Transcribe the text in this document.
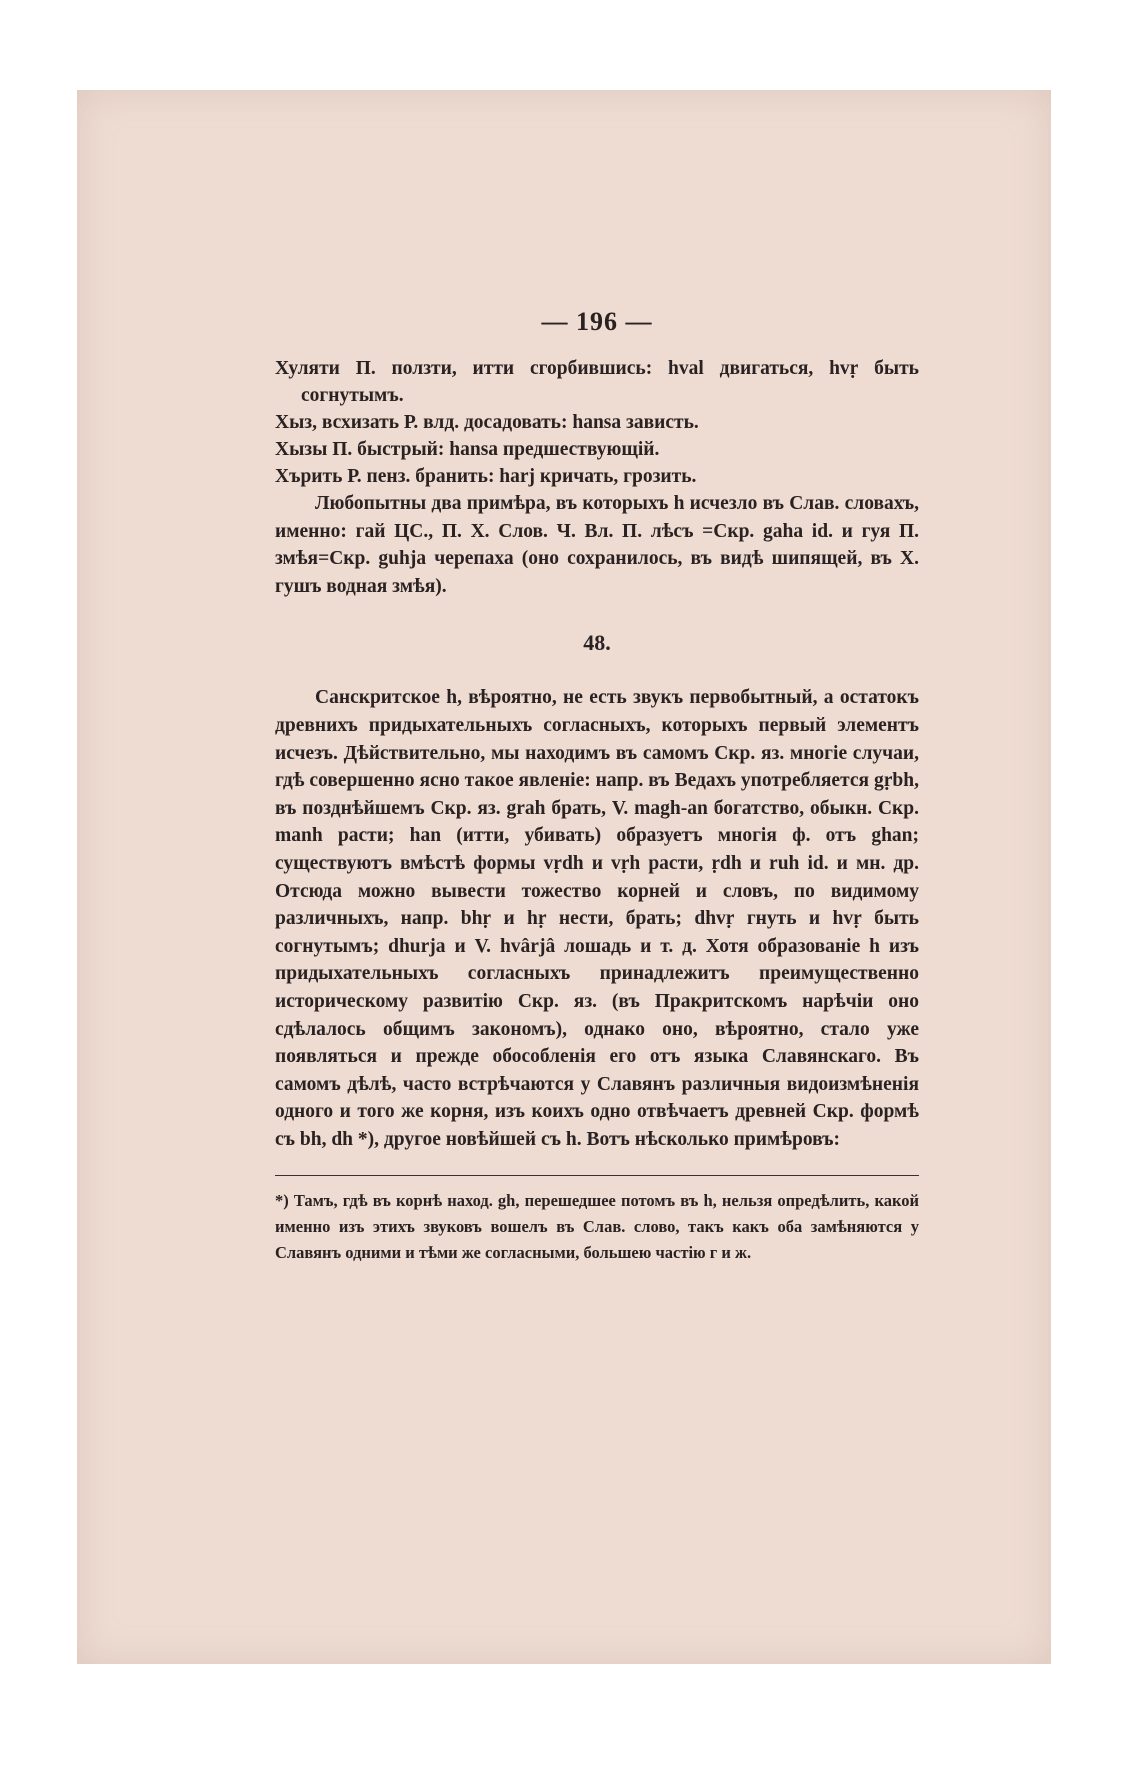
— 196 —

Хуляти П. ползти, итти сгорбившись: hval двигаться, hvṛ быть согнутымъ.

Хыз, всхизать Р. влд. досадовать: hansa зависть.

Хызы П. быстрый: hansa предшествующій.

Хърить Р. пенз. бранить: harj кричать, грозить.

Любопытны два примѣра, въ которыхъ h исчезло въ Слав. словахъ, именно: гай ЦС., П. Х. Слов. Ч. Вл. П. лѣсъ =Скр. gaha id. и гуя П. змѣя=Скр. guhja черепаха (оно сохранилось, въ видѣ шипящей, въ Х. гушъ водная змѣя).

48.

Санскритское h, вѣроятно, не есть звукъ первобытный, а остатокъ древнихъ придыхательныхъ согласныхъ, которыхъ первый элементъ исчезъ. Дѣйствительно, мы находимъ въ самомъ Скр. яз. многіе случаи, гдѣ совершенно ясно такое явленіе: напр. въ Ведахъ употребляется gṛbh, въ позднѣйшемъ Скр. яз. grah брать, V. magh-an богатство, обыкн. Скр. manh расти; han (итти, убивать) образуетъ многія ф. отъ ghan; существуютъ вмѣстѣ формы vṛdh и vṛh расти, ṛdh и ruh id. и мн. др. Отсюда можно вывести тожество корней и словъ, по видимому различныхъ, напр. bhṛ и hṛ нести, брать; dhvṛ гнуть и hvṛ быть согнутымъ; dhurja и V. hvârjâ лошадь и т. д. Хотя образованіе h изъ придыхательныхъ согласныхъ принадлежитъ преимущественно историческому развитію Скр. яз. (въ Пракритскомъ нарѣчіи оно сдѣлалось общимъ закономъ), однако оно, вѣроятно, стало уже появляться и прежде обособленія его отъ языка Славянскаго. Въ самомъ дѣлѣ, часто встрѣчаются у Славянъ различныя видоизмѣненія одного и того же корня, изъ коихъ одно отвѣчаетъ древней Скр. формѣ съ bh, dh *), другое новѣйшей съ h. Вотъ нѣсколько примѣровъ:

*) Тамъ, гдѣ въ корнѣ наход. gh, перешедшее потомъ въ h, нельзя опредѣлить, какой именно изъ этихъ звуковъ вошелъ въ Слав. слово, такъ какъ оба замѣняются у Славянъ одними и тѣми же согласными, большею частію г и ж.
